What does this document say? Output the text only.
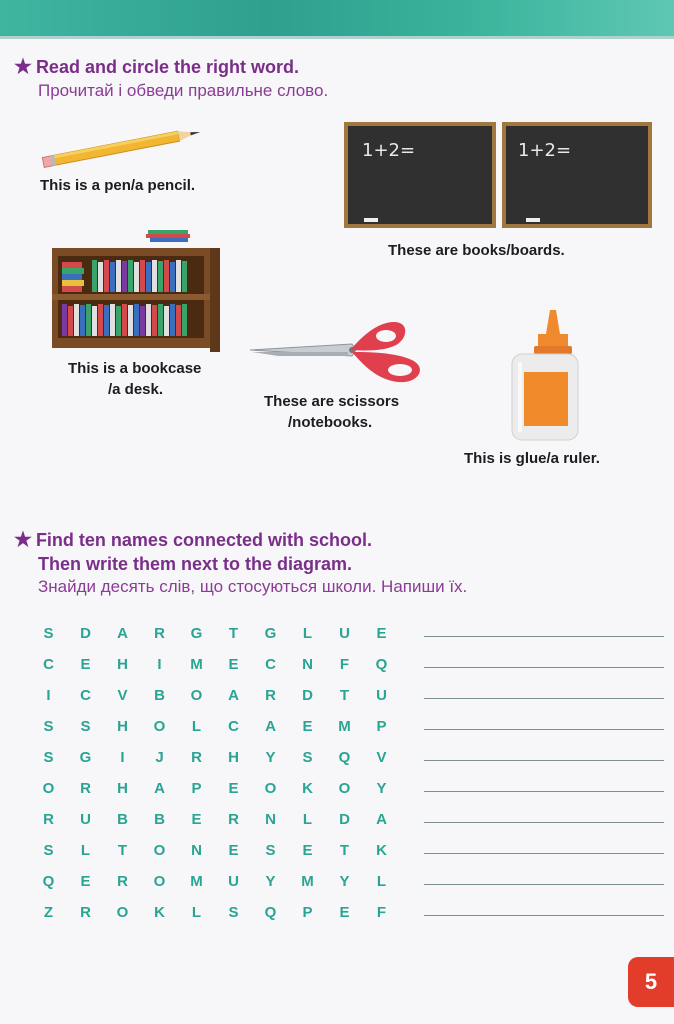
★ Read and circle the right word.
Прочитай і обведи правильне слово.
This is a pen/a pencil.
1+2=	1+2=
These are books/boards.
This is a bookcase
/a desk.
These are scissors
/notebooks.
This is glue/a ruler.
★ Find ten names connected with school.
Then write them next to the diagram.
Знайди десять слів, що стосуються школи. Напиши їх.
S	D	A	R	G	T	G	L	U	E
C	E	H	I	M	E	C	N	F	Q
I	C	V	B	O	A	R	D	T	U
S	S	H	O	L	C	A	E	M	P
S	G	I	J	R	H	Y	S	Q	V
O	R	H	A	P	E	O	K	O	Y
R	U	B	B	E	R	N	L	D	A
S	L	T	O	N	E	S	E	T	K
Q	E	R	O	M	U	Y	M	Y	L
Z	R	O	K	L	S	Q	P	E	F
5
